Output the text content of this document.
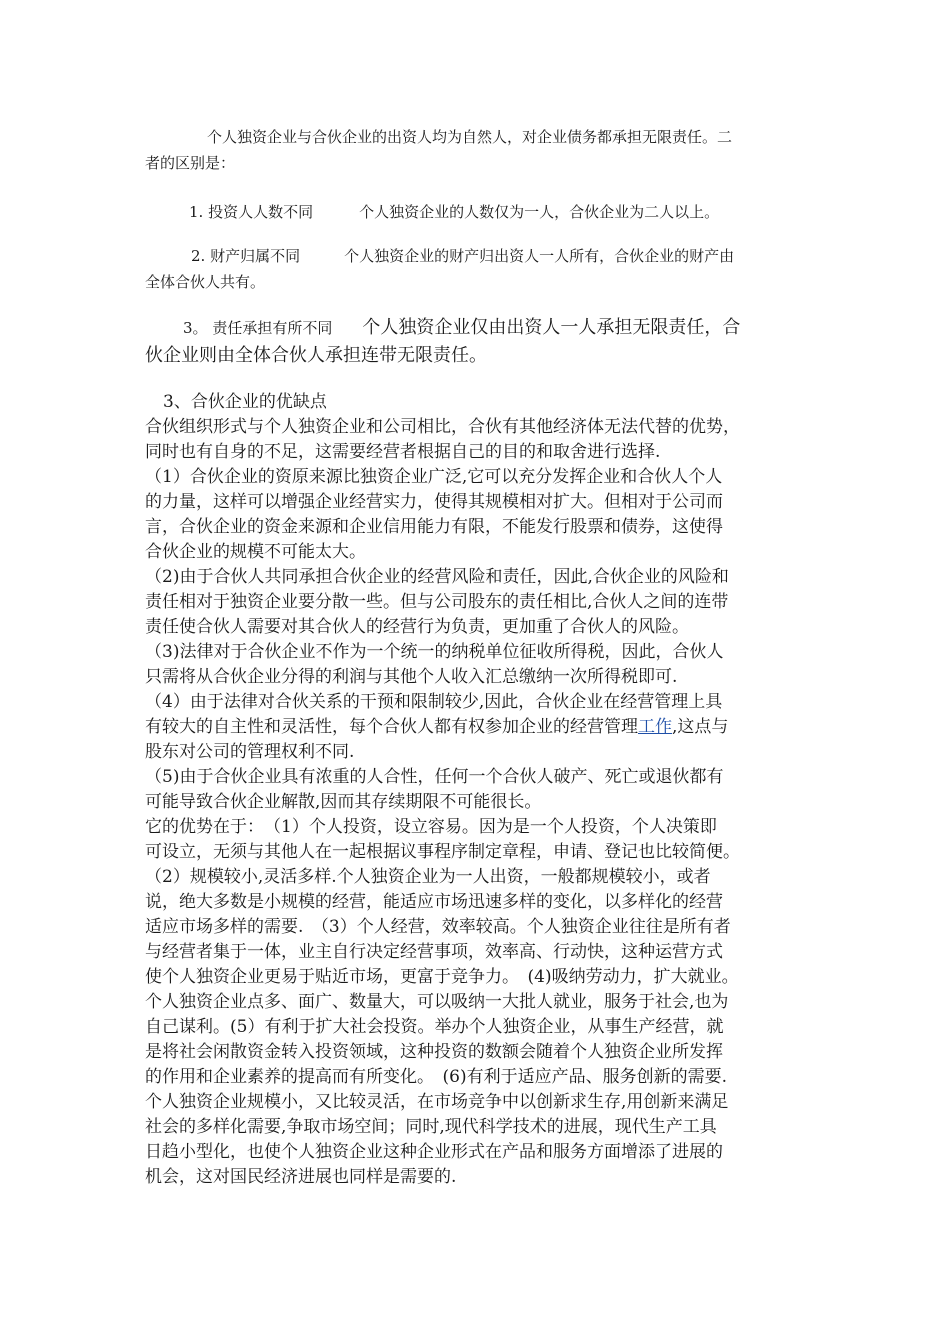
个人独资企业与合伙企业的出资人均为自然人，对企业债务都承担无限责任。二
者的区别是：
1. 投资人人数不同	个人独资企业的人数仅为一人，合伙企业为二人以上。
2. 财产归属不同	个人独资企业的财产归出资人一人所有，合伙企业的财产由
全体合伙人共有。
3。 责任承担有所不同 个人独资企业仅由出资人一人承担无限责任，合
伙企业则由全体合伙人承担连带无限责任。
3、合伙企业的优缺点
合伙组织形式与个人独资企业和公司相比，合伙有其他经济体无法代替的优势，
同时也有自身的不足，这需要经营者根据自己的目的和取舍进行选择.
（1）合伙企业的资原来源比独资企业广泛,它可以充分发挥企业和合伙人个人
的力量，这样可以增强企业经营实力，使得其规模相对扩大。但相对于公司而
言，合伙企业的资金来源和企业信用能力有限，不能发行股票和债券，这使得
合伙企业的规模不可能太大。
（2)由于合伙人共同承担合伙企业的经营风险和责任，因此,合伙企业的风险和
责任相对于独资企业要分散一些。但与公司股东的责任相比,合伙人之间的连带
责任使合伙人需要对其合伙人的经营行为负责，更加重了合伙人的风险。
（3)法律对于合伙企业不作为一个统一的纳税单位征收所得税，因此，合伙人
只需将从合伙企业分得的利润与其他个人收入汇总缴纳一次所得税即可.
（4）由于法律对合伙关系的干预和限制较少,因此，合伙企业在经营管理上具
有较大的自主性和灵活性，每个合伙人都有权参加企业的经营管理工作,这点与
股东对公司的管理权利不同.
（5)由于合伙企业具有浓重的人合性，任何一个合伙人破产、死亡或退伙都有
可能导致合伙企业解散,因而其存续期限不可能很长。
它的优势在于：　（1）个人投资，设立容易。因为是一个人投资，个人决策即
可设立，无须与其他人在一起根据议事程序制定章程，申请、登记也比较简便。
（2）规模较小,灵活多样.个人独资企业为一人出资，一般都规模较小，或者
说，绝大多数是小规模的经营，能适应市场迅速多样的变化，以多样化的经营
适应市场多样的需要.　（3）个人经营，效率较高。个人独资企业往往是所有者
与经营者集于一体，业主自行决定经营事项，效率高、行动快，这种运营方式
使个人独资企业更易于贴近市场，更富于竞争力。　(4)吸纳劳动力，扩大就业。
个人独资企业点多、面广、数量大，可以吸纳一大批人就业，服务于社会,也为
自己谋利。(5）有利于扩大社会投资。举办个人独资企业，从事生产经营，就
是将社会闲散资金转入投资领域，这种投资的数额会随着个人独资企业所发挥
的作用和企业素养的提高而有所变化。　(6)有利于适应产品、服务创新的需要.
个人独资企业规模小，又比较灵活，在市场竞争中以创新求生存,用创新来满足
社会的多样化需要,争取市场空间；同时,现代科学技术的进展，现代生产工具
日趋小型化，也使个人独资企业这种企业形式在产品和服务方面增添了进展的
机会，这对国民经济进展也同样是需要的.
